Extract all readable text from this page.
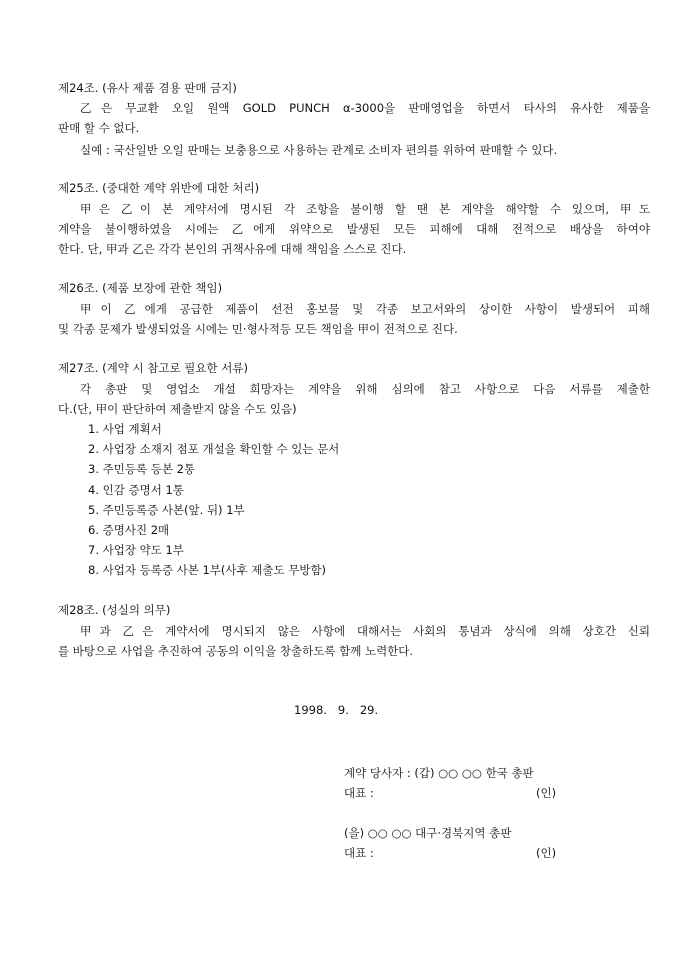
제24조. (유사 제품 겸용 판매 금지)
乙은 무교환 오일 원액 GOLD PUNCH α-3000을 판매영업을 하면서 타사의 유사한 제품을
판매 할 수 없다.
실예 : 국산일반 오일 판매는 보충용으로 사용하는 관계로 소비자 편의를 위하여 판매할 수 있다.
제25조. (중대한 계약 위반에 대한 처리)
甲은 乙이 본 계약서에 명시된 각 조항을 불이행 할 땐 본 계약을 해약할 수 있으며, 甲도
계약을 불이행하였을 시에는 乙에게 위약으로 발생된 모든 피해에 대해 전적으로 배상을 하여야
한다. 단, 甲과 乙은 각각 본인의 귀책사유에 대해 책임을 스스로 진다.
제26조. (제품 보장에 관한 책임)
甲이 乙에게 공급한 제품이 선전 홍보물 및 각종 보고서와의 상이한 사항이 발생되어 피해
및 각종 문제가 발생되었을 시에는 민·형사적등 모든 책임을 甲이 전적으로 진다.
제27조. (계약 시 참고로 필요한 서류)
각 총판 및 영업소 개설 희망자는 계약을 위해 심의에 참고 사항으로 다음 서류를 제출한
다.(단, 甲이 판단하여 제출받지 않을 수도 있음)
1. 사업 계획서
2. 사업장 소재지 점포 개설을 확인할 수 있는 문서
3. 주민등록 등본 2통
4. 인감 증명서 1통
5. 주민등록증 사본(앞. 뒤) 1부
6. 증명사진 2매
7. 사업장 약도 1부
8. 사업자 등록증 사본 1부(사후 제출도 무방함)
제28조. (성실의 의무)
甲과 乙은 계약서에 명시되지 않은 사항에 대해서는 사회의 통념과 상식에 의해 상호간 신뢰
를 바탕으로 사업을 추진하여 공동의 이익을 창출하도록 함께 노력한다.
1998.   9.   29.
계약 당사자 : (갑) ○○ ○○ 한국 총판
대표 :	(인)
(을) ○○ ○○ 대구·경북지역 총판
대표 :	(인)
